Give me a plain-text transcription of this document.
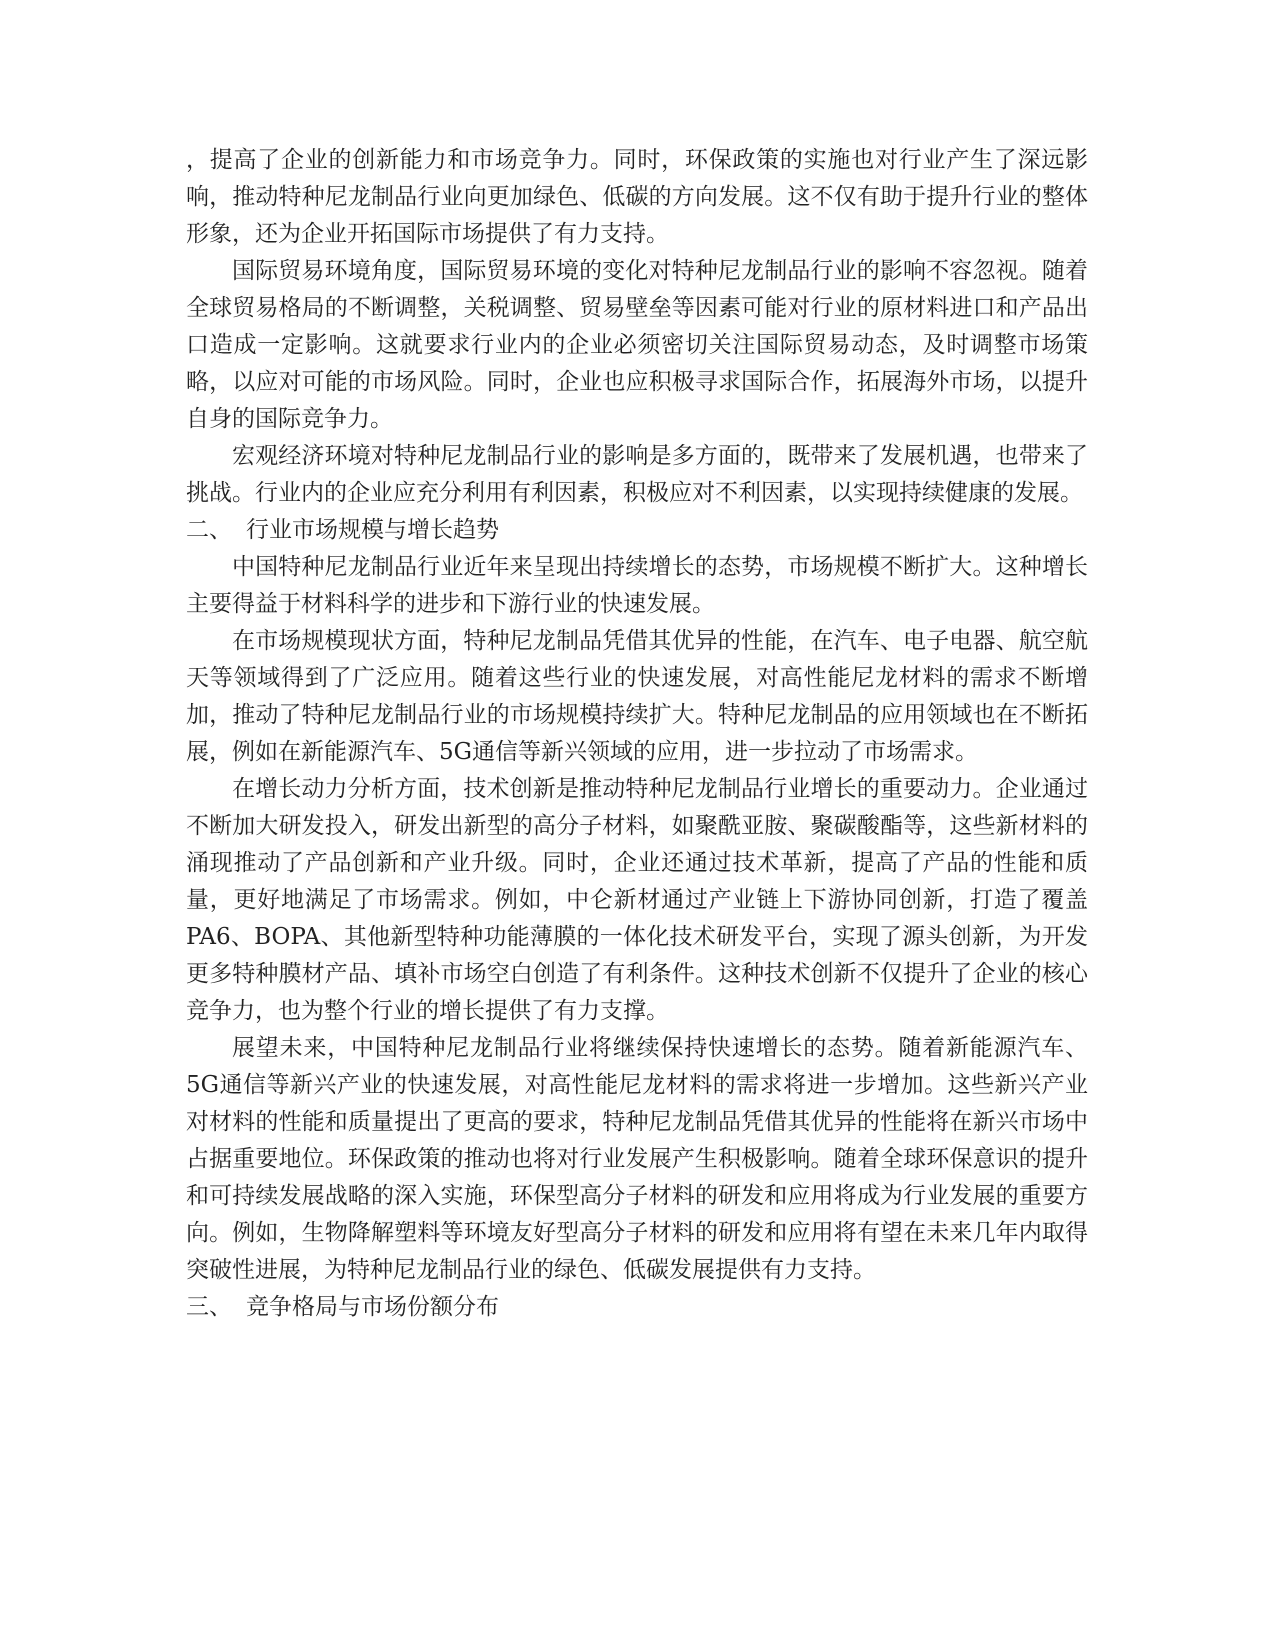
，提高了企业的创新能力和市场竞争力。同时，环保政策的实施也对行业产生了深远影响，推动特种尼龙制品行业向更加绿色、低碳的方向发展。这不仅有助于提升行业的整体形象，还为企业开拓国际市场提供了有力支持。

国际贸易环境角度，国际贸易环境的变化对特种尼龙制品行业的影响不容忽视。随着全球贸易格局的不断调整，关税调整、贸易壁垒等因素可能对行业的原材料进口和产品出口造成一定影响。这就要求行业内的企业必须密切关注国际贸易动态，及时调整市场策略，以应对可能的市场风险。同时，企业也应积极寻求国际合作，拓展海外市场，以提升自身的国际竞争力。

宏观经济环境对特种尼龙制品行业的影响是多方面的，既带来了发展机遇，也带来了挑战。行业内的企业应充分利用有利因素，积极应对不利因素，以实现持续健康的发展。

二、 行业市场规模与增长趋势

中国特种尼龙制品行业近年来呈现出持续增长的态势，市场规模不断扩大。这种增长主要得益于材料科学的进步和下游行业的快速发展。

在市场规模现状方面，特种尼龙制品凭借其优异的性能，在汽车、电子电器、航空航天等领域得到了广泛应用。随着这些行业的快速发展，对高性能尼龙材料的需求不断增加，推动了特种尼龙制品行业的市场规模持续扩大。特种尼龙制品的应用领域也在不断拓展，例如在新能源汽车、5G通信等新兴领域的应用，进一步拉动了市场需求。

在增长动力分析方面，技术创新是推动特种尼龙制品行业增长的重要动力。企业通过不断加大研发投入，研发出新型的高分子材料，如聚酰亚胺、聚碳酸酯等，这些新材料的涌现推动了产品创新和产业升级。同时，企业还通过技术革新，提高了产品的性能和质量，更好地满足了市场需求。例如，中仑新材通过产业链上下游协同创新，打造了覆盖PA6、BOPA、其他新型特种功能薄膜的一体化技术研发平台，实现了源头创新，为开发更多特种膜材产品、填补市场空白创造了有利条件。这种技术创新不仅提升了企业的核心竞争力，也为整个行业的增长提供了有力支撑。

展望未来，中国特种尼龙制品行业将继续保持快速增长的态势。随着新能源汽车、5G通信等新兴产业的快速发展，对高性能尼龙材料的需求将进一步增加。这些新兴产业对材料的性能和质量提出了更高的要求，特种尼龙制品凭借其优异的性能将在新兴市场中占据重要地位。环保政策的推动也将对行业发展产生积极影响。随着全球环保意识的提升和可持续发展战略的深入实施，环保型高分子材料的研发和应用将成为行业发展的重要方向。例如，生物降解塑料等环境友好型高分子材料的研发和应用将有望在未来几年内取得突破性进展，为特种尼龙制品行业的绿色、低碳发展提供有力支持。

三、 竞争格局与市场份额分布
